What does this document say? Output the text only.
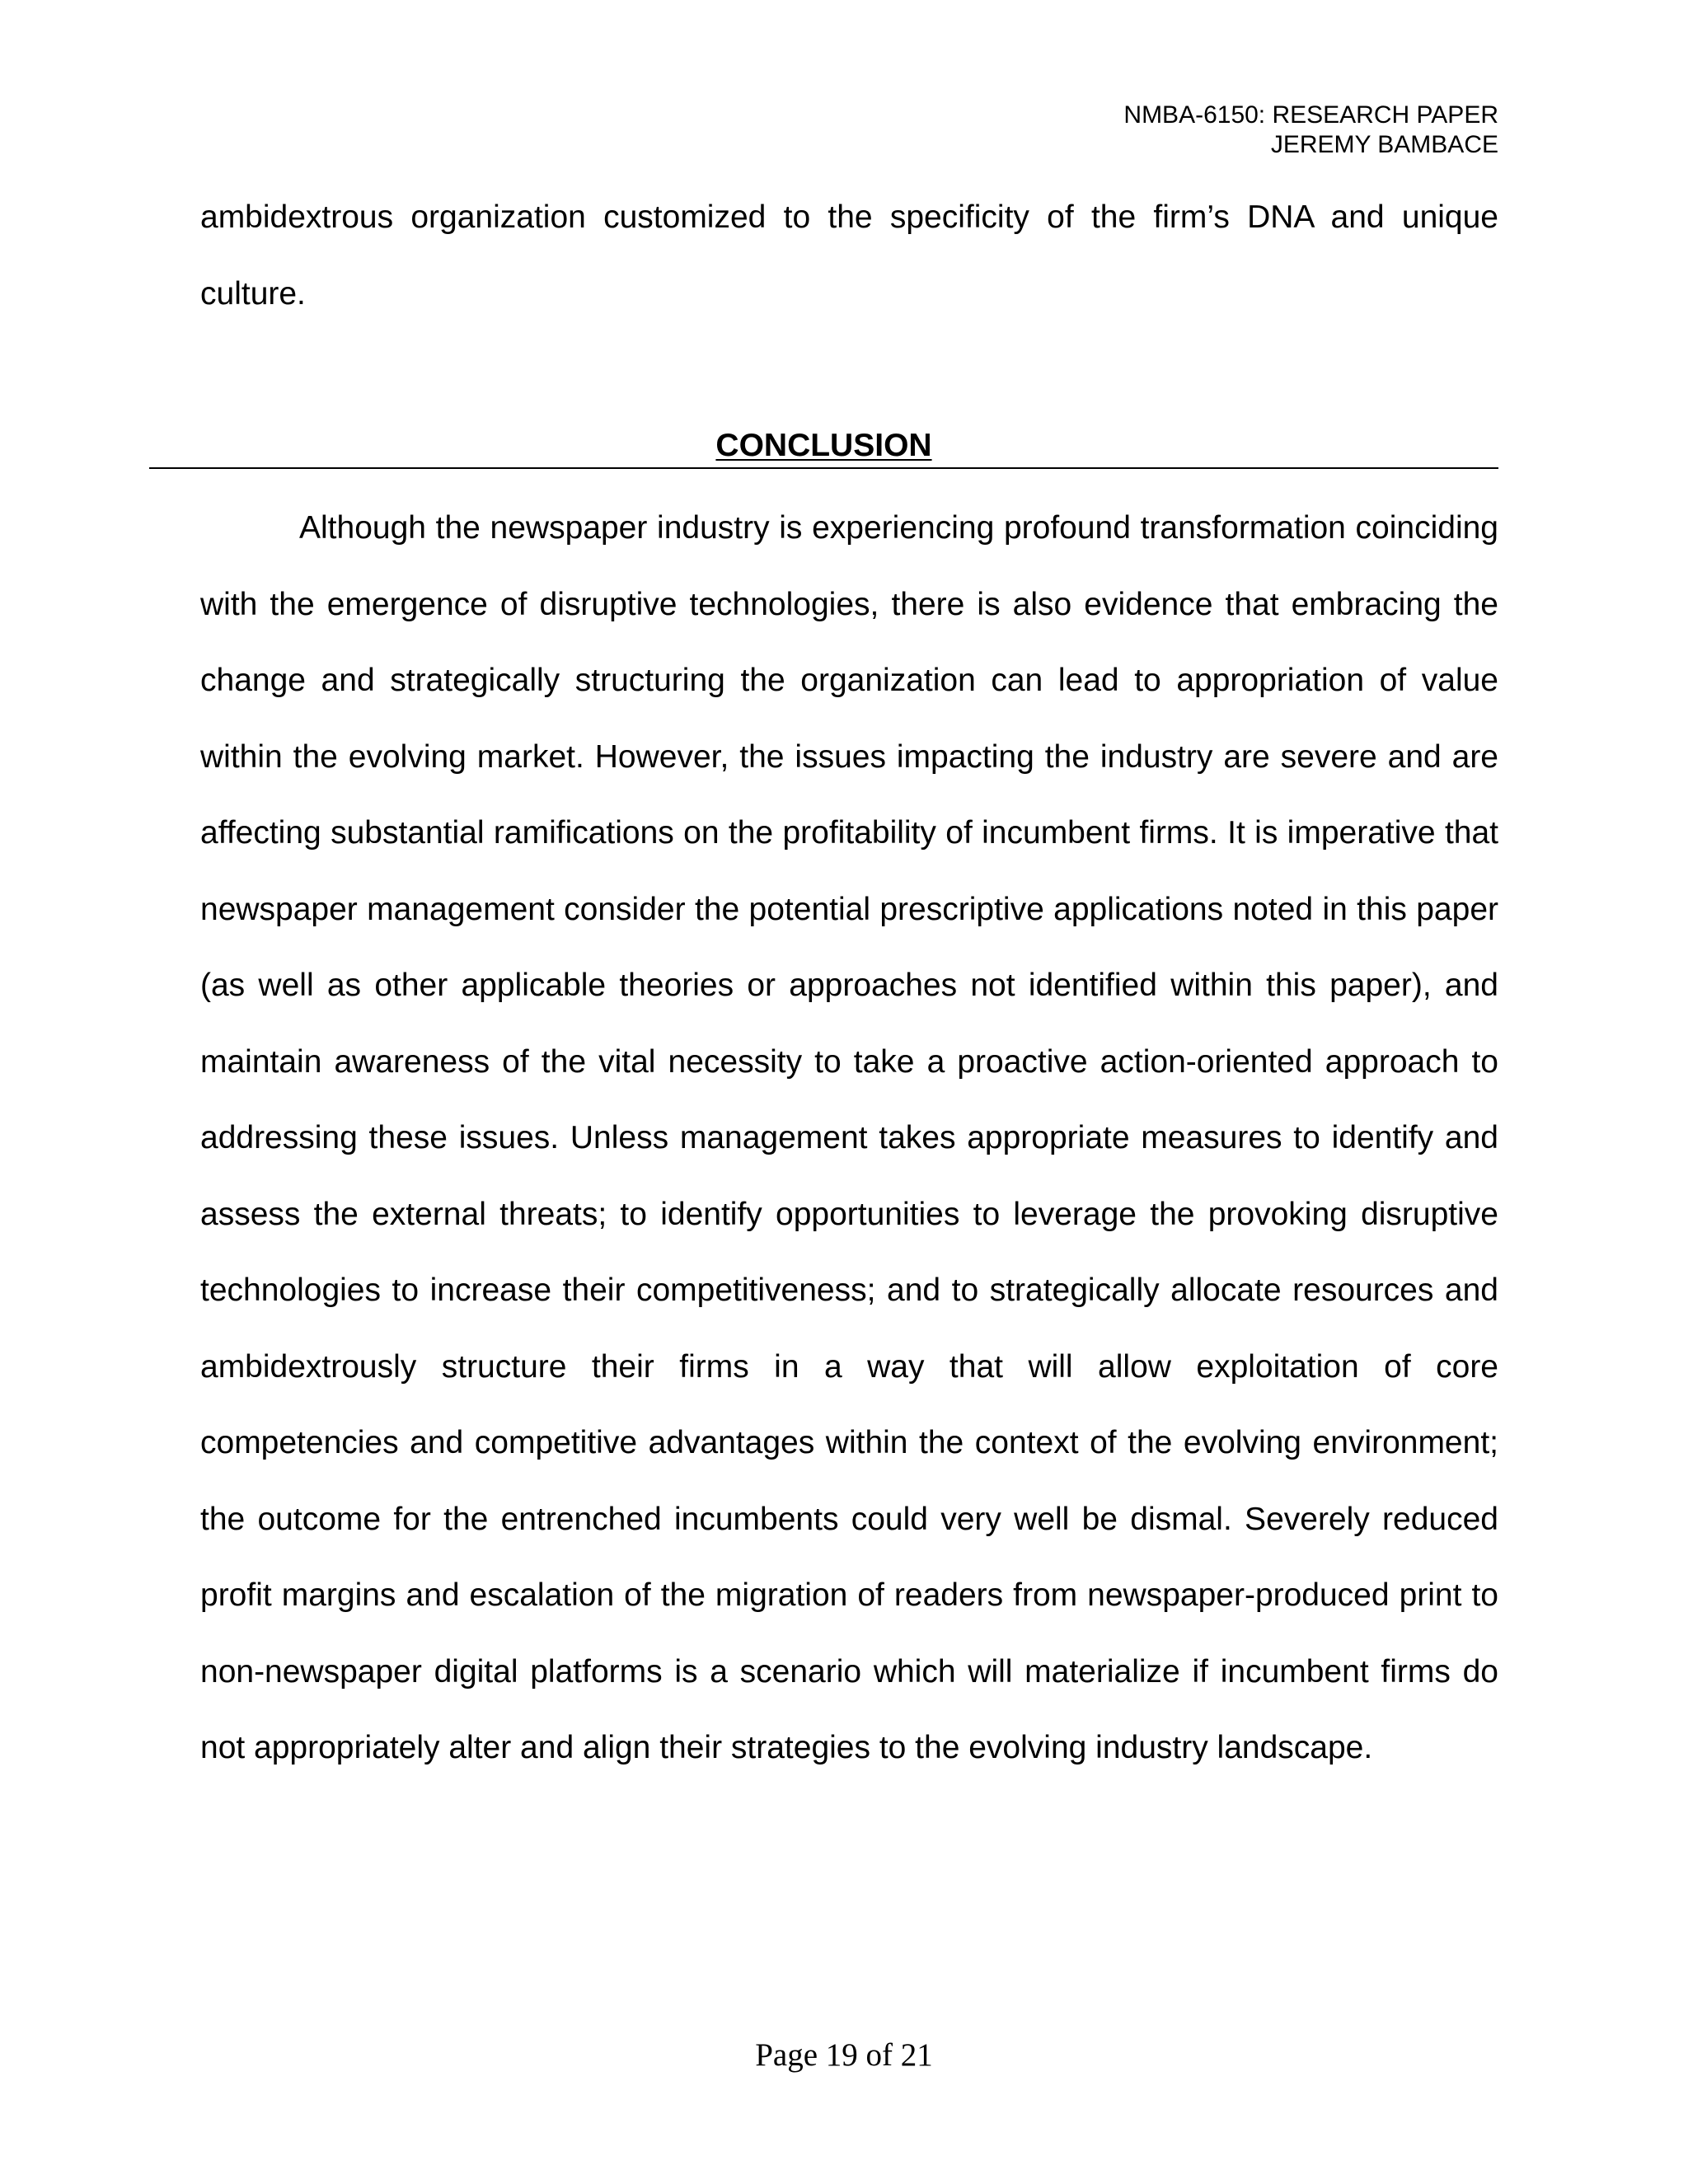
NMBA-6150: RESEARCH PAPER
JEREMY BAMBACE

ambidextrous organization customized to the specificity of the firm’s DNA and unique culture.

CONCLUSION

Although the newspaper industry is experiencing profound transformation coinciding with the emergence of disruptive technologies, there is also evidence that embracing the change and strategically structuring the organization can lead to appropriation of value within the evolving market. However, the issues impacting the industry are severe and are affecting substantial ramifications on the profitability of incumbent firms. It is imperative that newspaper management consider the potential prescriptive applications noted in this paper (as well as other applicable theories or approaches not identified within this paper), and maintain awareness of the vital necessity to take a proactive action-oriented approach to addressing these issues. Unless management takes appropriate measures to identify and assess the external threats; to identify opportunities to leverage the provoking disruptive technologies to increase their competitiveness; and to strategically allocate resources and ambidextrously structure their firms in a way that will allow exploitation of core competencies and competitive advantages within the context of the evolving environment; the outcome for the entrenched incumbents could very well be dismal. Severely reduced profit margins and escalation of the migration of readers from newspaper-produced print to non-newspaper digital platforms is a scenario which will materialize if incumbent firms do not appropriately alter and align their strategies to the evolving industry landscape.

Page 19 of 21
